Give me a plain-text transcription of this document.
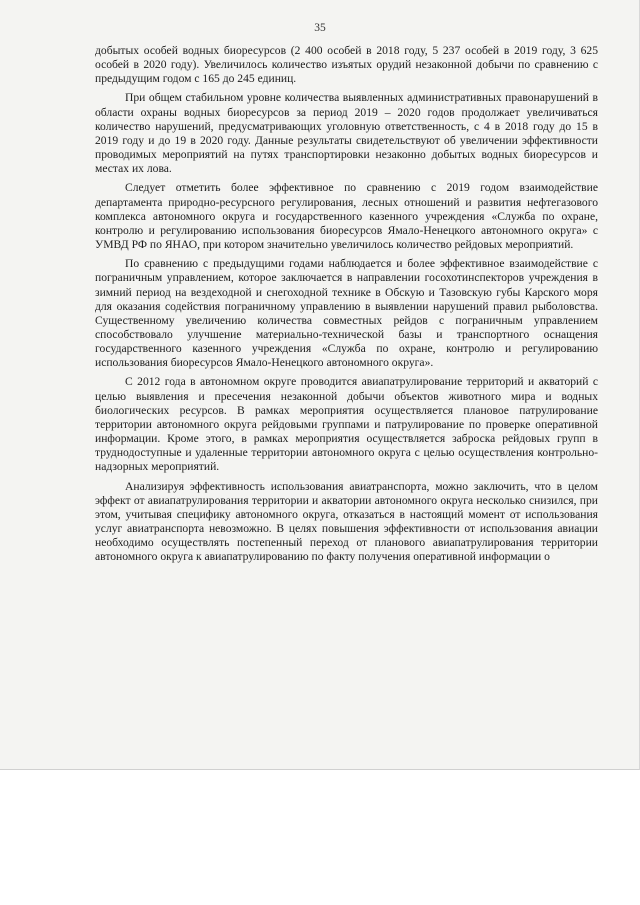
35

добытых особей водных биоресурсов (2 400 особей в 2018 году, 5 237 особей в 2019 году, 3 625 особей в 2020 году). Увеличилось количество изъятых орудий незаконной добычи по сравнению с предыдущим годом с 165 до 245 единиц.

При общем стабильном уровне количества выявленных административных правонарушений в области охраны водных биоресурсов за период 2019 – 2020 годов продолжает увеличиваться количество нарушений, предусматривающих уголовную ответственность, с 4 в 2018 году до 15 в 2019 году и до 19 в 2020 году. Данные результаты свидетельствуют об увеличении эффективности проводимых мероприятий на путях транспортировки незаконно добытых водных биоресурсов и местах их лова.

Следует отметить более эффективное по сравнению с 2019 годом взаимодействие департамента природно-ресурсного регулирования, лесных отношений и развития нефтегазового комплекса автономного округа и государственного казенного учреждения «Служба по охране, контролю и регулированию использования биоресурсов Ямало-Ненецкого автономного округа» с УМВД РФ по ЯНАО, при котором значительно увеличилось количество рейдовых мероприятий.

По сравнению с предыдущими годами наблюдается и более эффективное взаимодействие с пограничным управлением, которое заключается в направлении госохотинспекторов учреждения в зимний период на вездеходной и снегоходной технике в Обскую и Тазовскую губы Карского моря для оказания содействия пограничному управлению в выявлении нарушений правил рыболовства. Существенному увеличению количества совместных рейдов с пограничным управлением способствовало улучшение материально-технической базы и транспортного оснащения государственного казенного учреждения «Служба по охране, контролю и регулированию использования биоресурсов Ямало-Ненецкого автономного округа».

С 2012 года в автономном округе проводится авиапатрулирование территорий и акваторий с целью выявления и пресечения незаконной добычи объектов животного мира и водных биологических ресурсов. В рамках мероприятия осуществляется плановое патрулирование территории автономного округа рейдовыми группами и патрулирование по проверке оперативной информации. Кроме этого, в рамках мероприятия осуществляется заброска рейдовых групп в труднодоступные и удаленные территории автономного округа с целью осуществления контрольно-надзорных мероприятий.

Анализируя эффективность использования авиатранспорта, можно заключить, что в целом эффект от авиапатрулирования территории и акватории автономного округа несколько снизился, при этом, учитывая специфику автономного округа, отказаться в настоящий момент от использования услуг авиатранспорта невозможно. В целях повышения эффективности от использования авиации необходимо осуществлять постепенный переход от планового авиапатрулирования территории автономного округа к авиапатрулированию по факту получения оперативной информации о
